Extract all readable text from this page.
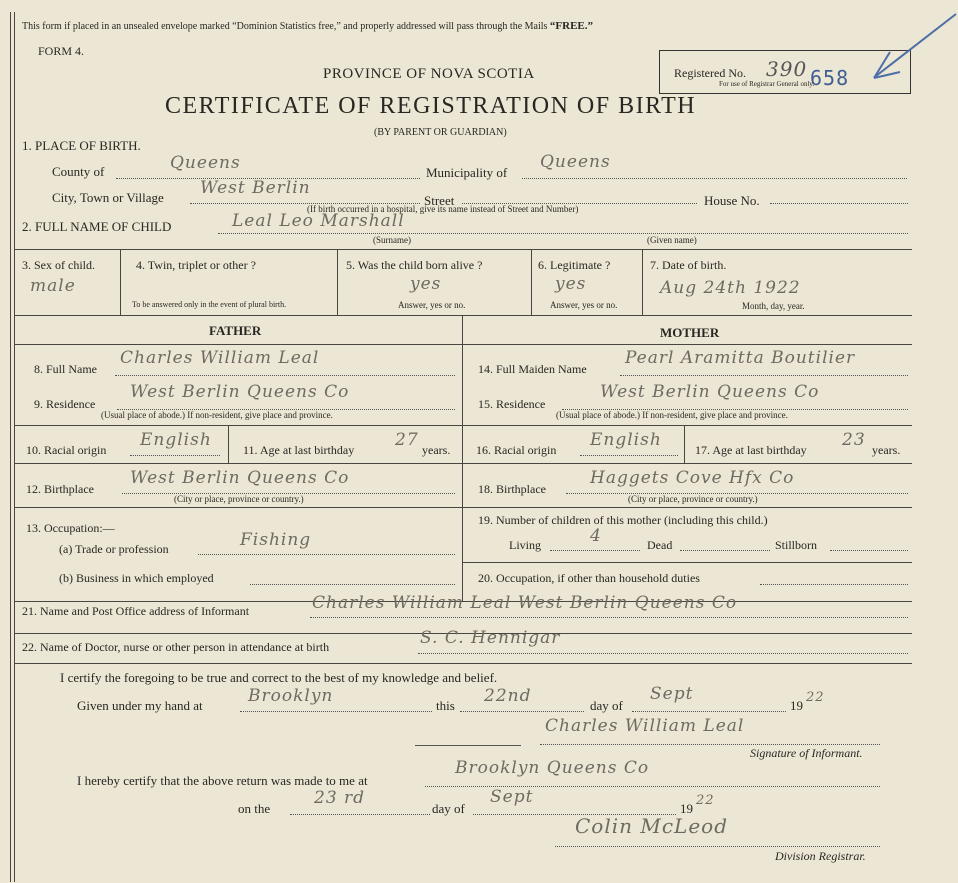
This form if placed in an unsealed envelope marked “Dominion Statistics free,” and properly addressed will pass through the Mails “FREE.”
FORM 4.
PROVINCE OF NOVA SCOTIA
CERTIFICATE OF REGISTRATION OF BIRTH
(BY PARENT OR GUARDIAN)
Registered No. 390 658
For use of Registrar General only.
1. PLACE OF BIRTH.
County of	Queens	Municipality of
Queens
City, Town or Village West Berlin
Street	House No.
(If birth occurred in a hospital, give its name instead of Street and Number)
2. FULL NAME OF CHILD	Leal Leo Marshall
(Surname)	(Given name)
3. Sex of child.
male
4. Twin, triplet or other ?
To be answered only in the event of plural birth.
5. Was the child born alive ?
yes
Answer, yes or no.
6. Legitimate ?
yes
Answer, yes or no.
7. Date of birth.
Aug 24th 1922
Month, day, year.
FATHER	MOTHER
8. Full Name
Charles William Leal
9. Residence
West Berlin Queens Co
(Usual place of abode.) If non-resident, give place and province.
10. Racial origin English	11. Age at last birthday 27 years.
12. Birthplace
West Berlin Queens Co
(City or place, province or country.)
13. Occupation:—
(a) Trade or profession	Fishing
(b) Business in which employed
14. Full Maiden Name
Pearl Aramitta Boutilier
15. Residence
West Berlin Queens Co
(Usual place of abode.) If non-resident, give place and province.
16. Racial origin English	17. Age at last birthday 23 years.
18. Birthplace
Haggets Cove Hfx Co
(City or place, province or country.)
19. Number of children of this mother (including this child.)
Living	4	Dead	Stillborn
20. Occupation, if other than household duties
21. Name and Post Office address of Informant	Charles William Leal West Berlin Queens Co
22. Name of Doctor, nurse or other person in attendance at birth	S. C. Hennigar
I certify the foregoing to be true and correct to the best of my knowledge and belief.
Given under my hand at	Brooklyn	this 22nd	day of
Sept
19
22
Charles William Leal
Signature of Informant.
I hereby certify that the above return was made to me at
Brooklyn Queens Co
on the
23 rd
day of
Sept
19
22
Colin McLeod
Division Registrar.
